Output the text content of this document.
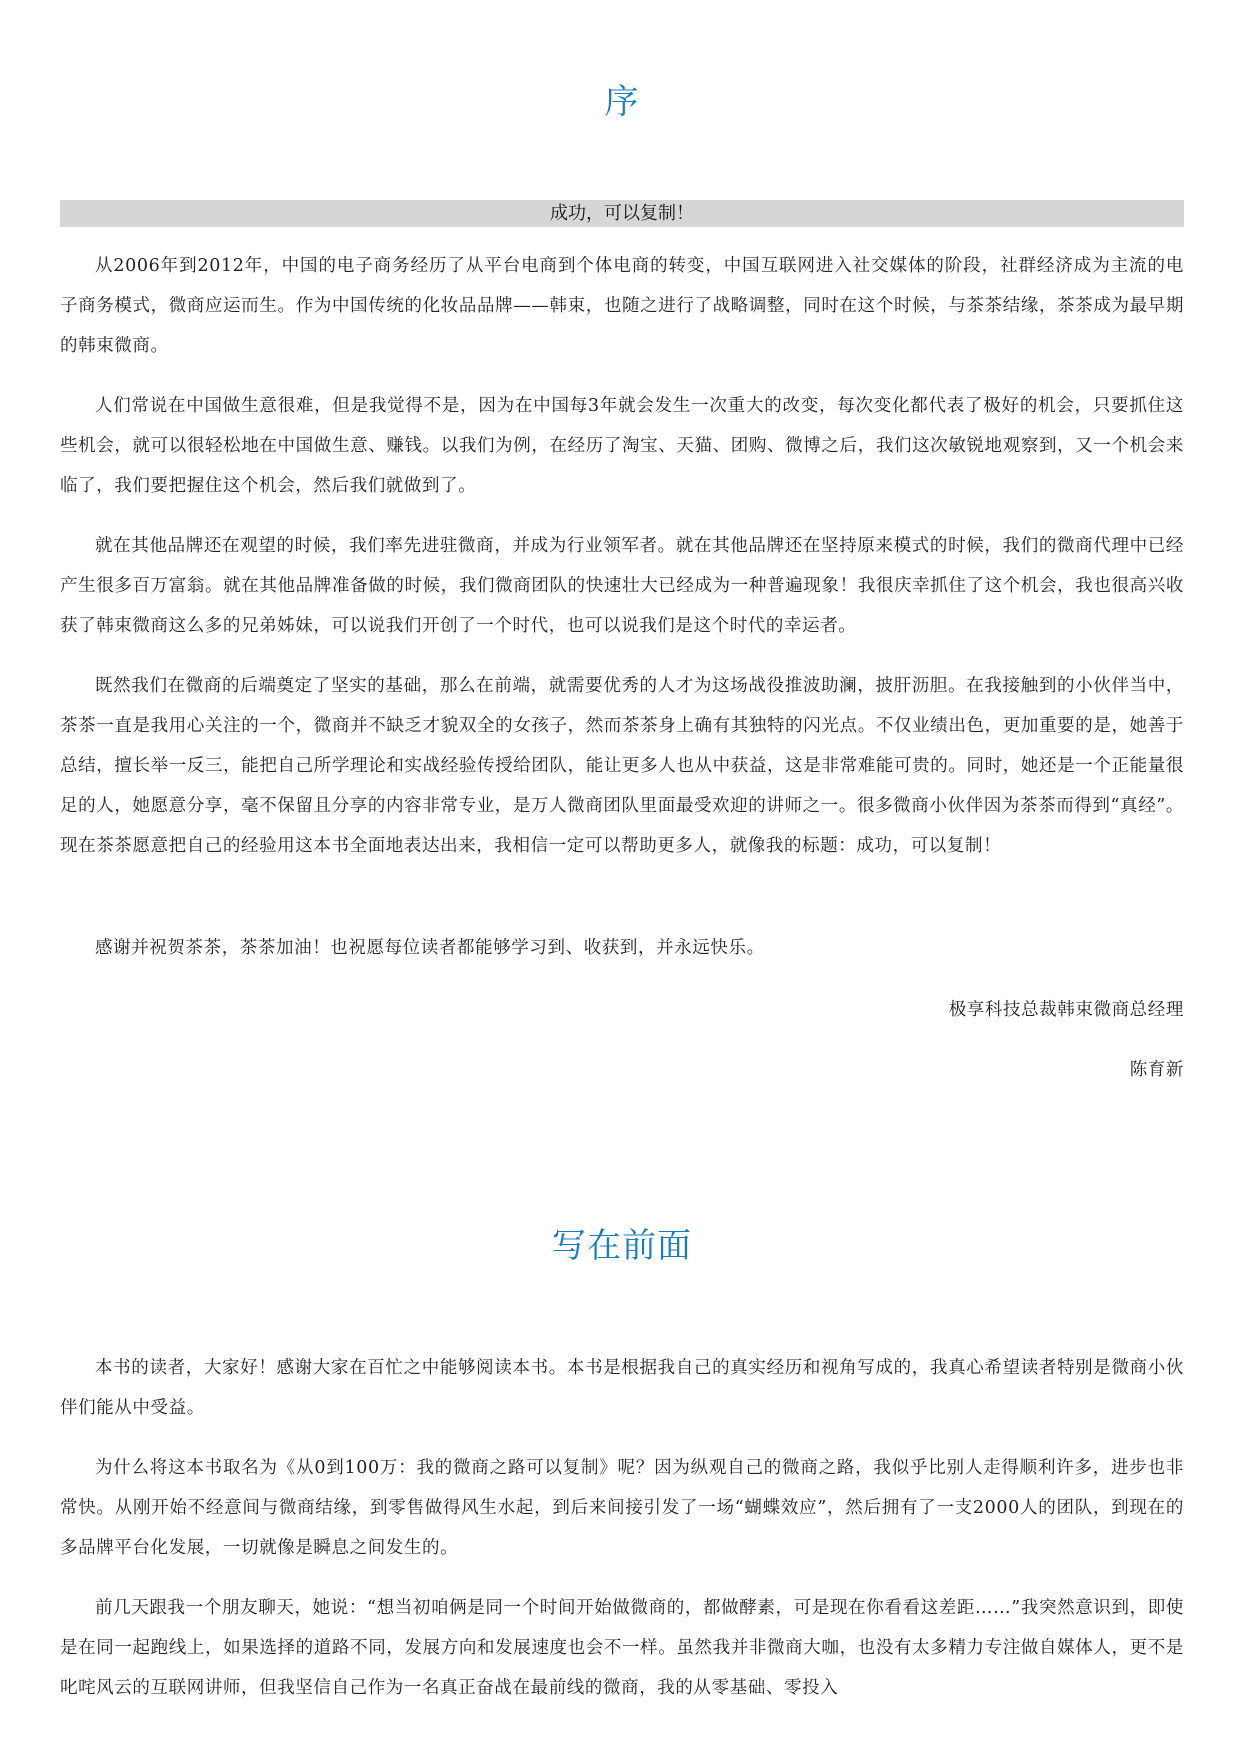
序
成功，可以复制！

从2006年到2012年，中国的电子商务经历了从平台电商到个体电商的转变，中国互联网进入社交媒体的阶段，社群经济成为主流的电子商务模式，微商应运而生。作为中国传统的化妆品品牌——韩束，也随之进行了战略调整，同时在这个时候，与茶茶结缘，茶茶成为最早期的韩束微商。

人们常说在中国做生意很难，但是我觉得不是，因为在中国每3年就会发生一次重大的改变，每次变化都代表了极好的机会，只要抓住这些机会，就可以很轻松地在中国做生意、赚钱。以我们为例，在经历了淘宝、天猫、团购、微博之后，我们这次敏锐地观察到，又一个机会来临了，我们要把握住这个机会，然后我们就做到了。

就在其他品牌还在观望的时候，我们率先进驻微商，并成为行业领军者。就在其他品牌还在坚持原来模式的时候，我们的微商代理中已经产生很多百万富翁。就在其他品牌准备做的时候，我们微商团队的快速壮大已经成为一种普遍现象！我很庆幸抓住了这个机会，我也很高兴收获了韩束微商这么多的兄弟姊妹，可以说我们开创了一个时代，也可以说我们是这个时代的幸运者。

既然我们在微商的后端奠定了坚实的基础，那么在前端，就需要优秀的人才为这场战役推波助澜，披肝沥胆。在我接触到的小伙伴当中，茶茶一直是我用心关注的一个，微商并不缺乏才貌双全的女孩子，然而茶茶身上确有其独特的闪光点。不仅业绩出色，更加重要的是，她善于总结，擅长举一反三，能把自己所学理论和实战经验传授给团队，能让更多人也从中获益，这是非常难能可贵的。同时，她还是一个正能量很足的人，她愿意分享，毫不保留且分享的内容非常专业，是万人微商团队里面最受欢迎的讲师之一。很多微商小伙伴因为茶茶而得到“真经”。现在茶茶愿意把自己的经验用这本书全面地表达出来，我相信一定可以帮助更多人，就像我的标题：成功，可以复制！

感谢并祝贺茶茶，茶茶加油！也祝愿每位读者都能够学习到、收获到，并永远快乐。

极享科技总裁韩束微商总经理

陈育新

写在前面

本书的读者，大家好！感谢大家在百忙之中能够阅读本书。本书是根据我自己的真实经历和视角写成的，我真心希望读者特别是微商小伙伴们能从中受益。

为什么将这本书取名为《从0到100万：我的微商之路可以复制》呢？因为纵观自己的微商之路，我似乎比别人走得顺利许多，进步也非常快。从刚开始不经意间与微商结缘，到零售做得风生水起，到后来间接引发了一场“蝴蝶效应”，然后拥有了一支2000人的团队，到现在的多品牌平台化发展，一切就像是瞬息之间发生的。

前几天跟我一个朋友聊天，她说：“想当初咱俩是同一个时间开始做微商的，都做酵素，可是现在你看看这差距……”我突然意识到，即使是在同一起跑线上，如果选择的道路不同，发展方向和发展速度也会不一样。虽然我并非微商大咖，也没有太多精力专注做自媒体人，更不是叱咤风云的互联网讲师，但我坚信自己作为一名真正奋战在最前线的微商，我的从零基础、零投入
